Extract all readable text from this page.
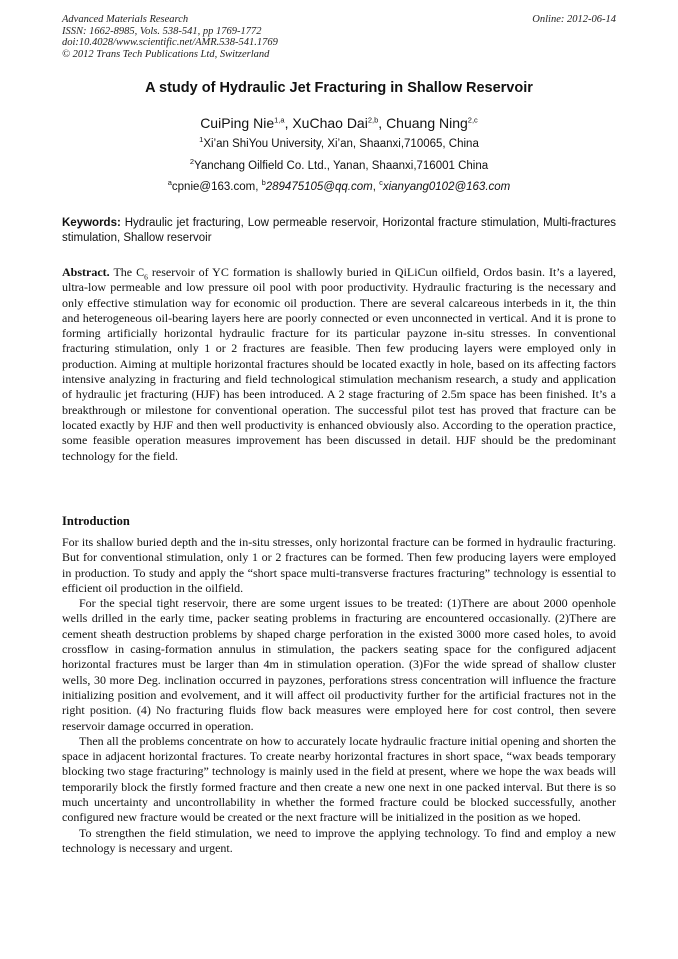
Advanced Materials Research
ISSN: 1662-8985, Vols. 538-541, pp 1769-1772
doi:10.4028/www.scientific.net/AMR.538-541.1769
© 2012 Trans Tech Publications Ltd, Switzerland
Online: 2012-06-14
A study of Hydraulic Jet Fracturing in Shallow Reservoir
CuiPing Nie$^{1,a}$, XuChao Dai$^{2,b}$, Chuang Ning$^{2,c}$
$^1$Xi’an ShiYou University, Xi’an, Shaanxi,710065, China
$^2$Yanchang Oilfield Co. Ltd., Yanan, Shaanxi,716001 China
$^a$cpnie@163.com, $^b$289475105@qq.com, $^c$xianyang0102@163.com
Keywords: Hydraulic jet fracturing, Low permeable reservoir, Horizontal fracture stimulation, Multi-fractures stimulation, Shallow reservoir
Abstract. The $C_6$ reservoir of YC formation is shallowly buried in QiLiCun oilfield, Ordos basin. It’s a layered, ultra-low permeable and low pressure oil pool with poor productivity. Hydraulic fracturing is the necessary and only effective stimulation way for economic oil production. There are several calcareous interbeds in it, the thin and heterogeneous oil-bearing layers here are poorly connected or even unconnected in vertical. And it is prone to forming artificially horizontal hydraulic fracture for its particular payzone in-situ stresses. In conventional fracturing stimulation, only 1 or 2 fractures are feasible. Then few producing layers were employed only in production. Aiming at multiple horizontal fractures should be located exactly in hole, based on its affecting factors intensive analyzing in fracturing and field technological stimulation mechanism research, a study and application of hydraulic jet fracturing (HJF) has been introduced. A 2 stage fracturing of 2.5m space has been finished. It’s a breakthrough or milestone for conventional operation. The successful pilot test has proved that fracture can be located exactly by HJF and then well productivity is enhanced obviously also. According to the operation practice, some feasible operation measures improvement has been discussed in detail. HJF should be the predominant technology for the field.
Introduction

For its shallow buried depth and the in-situ stresses, only horizontal fracture can be formed in hydraulic fracturing. But for conventional stimulation, only 1 or 2 fractures can be formed. Then few producing layers were employed in production. To study and apply the “short space multi-transverse fractures fracturing” technology is essential to efficient oil production in the oilfield.

For the special tight reservoir, there are some urgent issues to be treated: (1)There are about 2000 openhole wells drilled in the early time, packer seating problems in fracturing are encountered occasionally. (2)There are cement sheath destruction problems by shaped charge perforation in the existed 3000 more cased holes, to avoid crossflow in casing-formation annulus in stimulation, the packers seating space for the configured adjacent horizontal fractures must be larger than 4m in stimulation operation. (3)For the wide spread of shallow cluster wells, 30 more Deg. inclination occurred in payzones, perforations stress concentration will influence the fracture initializing position and evolvement, and it will affect oil productivity further for the artificial fractures not in the right position. (4) No fracturing fluids flow back measures were employed here for cost control, then severe reservoir damage occurred in operation.

Then all the problems concentrate on how to accurately locate hydraulic fracture initial opening and shorten the space in adjacent horizontal fractures. To create nearby horizontal fractures in short space, “wax beads temporary blocking two stage fracturing” technology is mainly used in the field at present, where we hope the wax beads will temporarily block the firstly formed fracture and then create a new one next in one packed interval. But there is so much uncertainty and uncontrollability in whether the formed fracture could be blocked successfully, another configured new fracture would be created or the next fracture will be initialized in the position as we hoped.

To strengthen the field stimulation, we need to improve the applying technology. To find and employ a new technology is necessary and urgent.
